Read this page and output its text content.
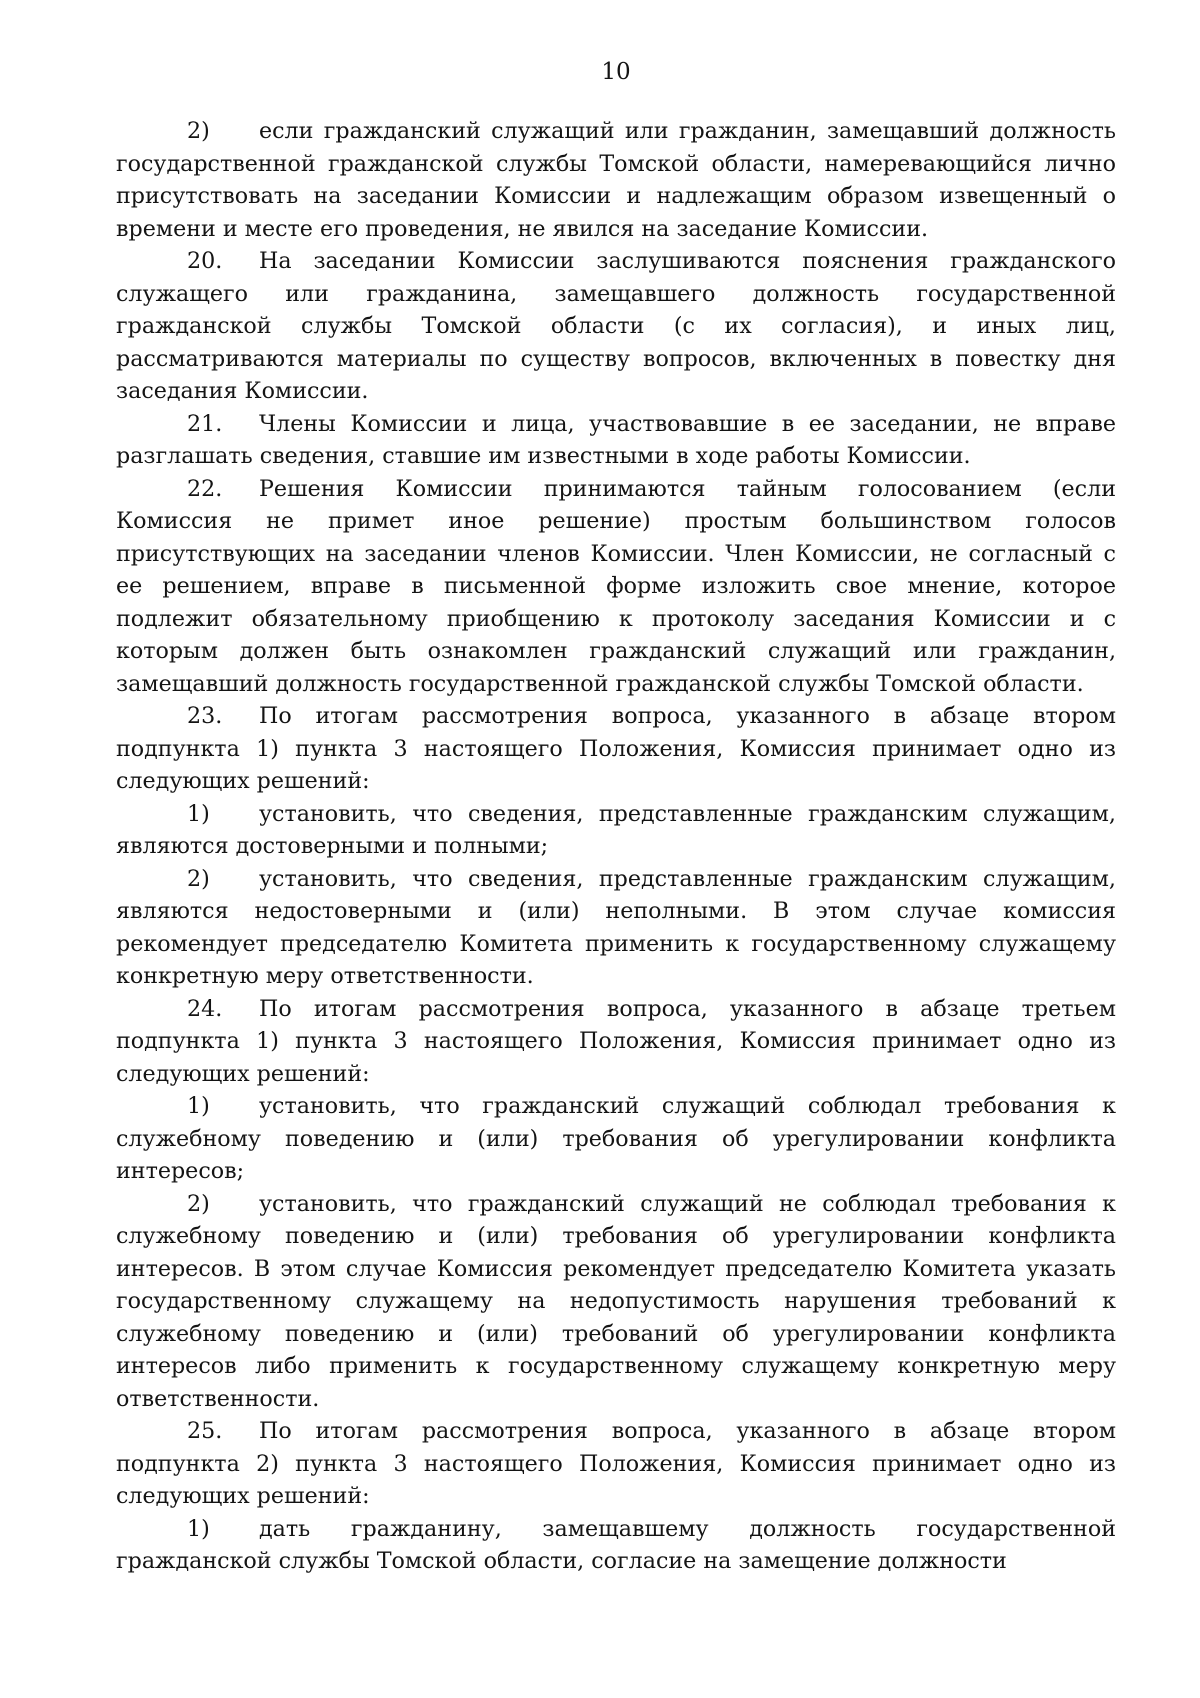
10

2) если гражданский служащий или гражданин, замещавший должность государственной гражданской службы Томской области, намеревающийся лично присутствовать на заседании Комиссии и надлежащим образом извещенный о времени и месте его проведения, не явился на заседание Комиссии.

20. На заседании Комиссии заслушиваются пояснения гражданского служащего или гражданина, замещавшего должность государственной гражданской службы Томской области (с их согласия), и иных лиц, рассматриваются материалы по существу вопросов, включенных в повестку дня заседания Комиссии.

21. Члены Комиссии и лица, участвовавшие в ее заседании, не вправе разглашать сведения, ставшие им известными в ходе работы Комиссии.

22. Решения Комиссии принимаются тайным голосованием (если Комиссия не примет иное решение) простым большинством голосов присутствующих на заседании членов Комиссии. Член Комиссии, не согласный с ее решением, вправе в письменной форме изложить свое мнение, которое подлежит обязательному приобщению к протоколу заседания Комиссии и с которым должен быть ознакомлен гражданский служащий или гражданин, замещавший должность государственной гражданской службы Томской области.

23. По итогам рассмотрения вопроса, указанного в абзаце втором подпункта 1) пункта 3 настоящего Положения, Комиссия принимает одно из следующих решений:

1) установить, что сведения, представленные гражданским служащим, являются достоверными и полными;

2) установить, что сведения, представленные гражданским служащим, являются недостоверными и (или) неполными. В этом случае комиссия рекомендует председателю Комитета применить к государственному служащему конкретную меру ответственности.

24. По итогам рассмотрения вопроса, указанного в абзаце третьем подпункта 1) пункта 3 настоящего Положения, Комиссия принимает одно из следующих решений:

1) установить, что гражданский служащий соблюдал требования к служебному поведению и (или) требования об урегулировании конфликта интересов;

2) установить, что гражданский служащий не соблюдал требования к служебному поведению и (или) требования об урегулировании конфликта интересов. В этом случае Комиссия рекомендует председателю Комитета указать государственному служащему на недопустимость нарушения требований к служебному поведению и (или) требований об урегулировании конфликта интересов либо применить к государственному служащему конкретную меру ответственности.

25. По итогам рассмотрения вопроса, указанного в абзаце втором подпункта 2) пункта 3 настоящего Положения, Комиссия принимает одно из следующих решений:

1) дать гражданину, замещавшему должность государственной гражданской службы Томской области, согласие на замещение должности
